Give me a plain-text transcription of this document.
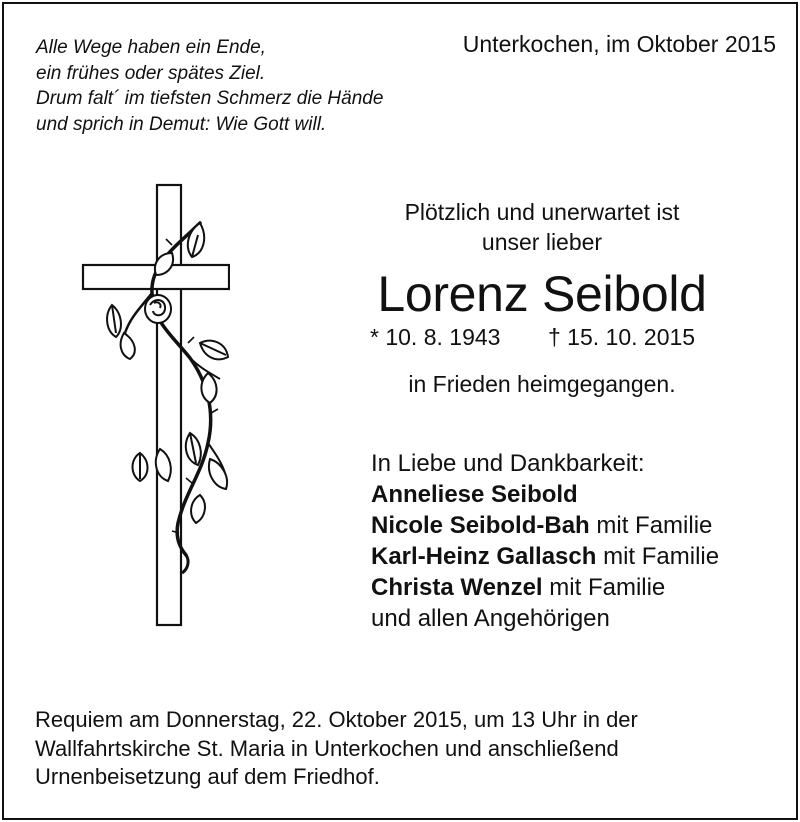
Alle Wege haben ein Ende,
ein frühes oder spätes Ziel.
Drum falt´ im tiefsten Schmerz die Hände
und sprich in Demut: Wie Gott will.
Unterkochen, im Oktober 2015
Plötzlich und unerwartet ist
unser lieber
Lorenz Seibold
* 10. 8. 1943 † 15. 10. 2015
in Frieden heimgegangen.
In Liebe und Dankbarkeit:
Anneliese Seibold
Nicole Seibold-Bah mit Familie
Karl-Heinz Gallasch mit Familie
Christa Wenzel mit Familie
und allen Angehörigen
Requiem am Donnerstag, 22. Oktober 2015, um 13 Uhr in der
Wallfahrtskirche St. Maria in Unterkochen und anschließend
Urnenbeisetzung auf dem Friedhof.
